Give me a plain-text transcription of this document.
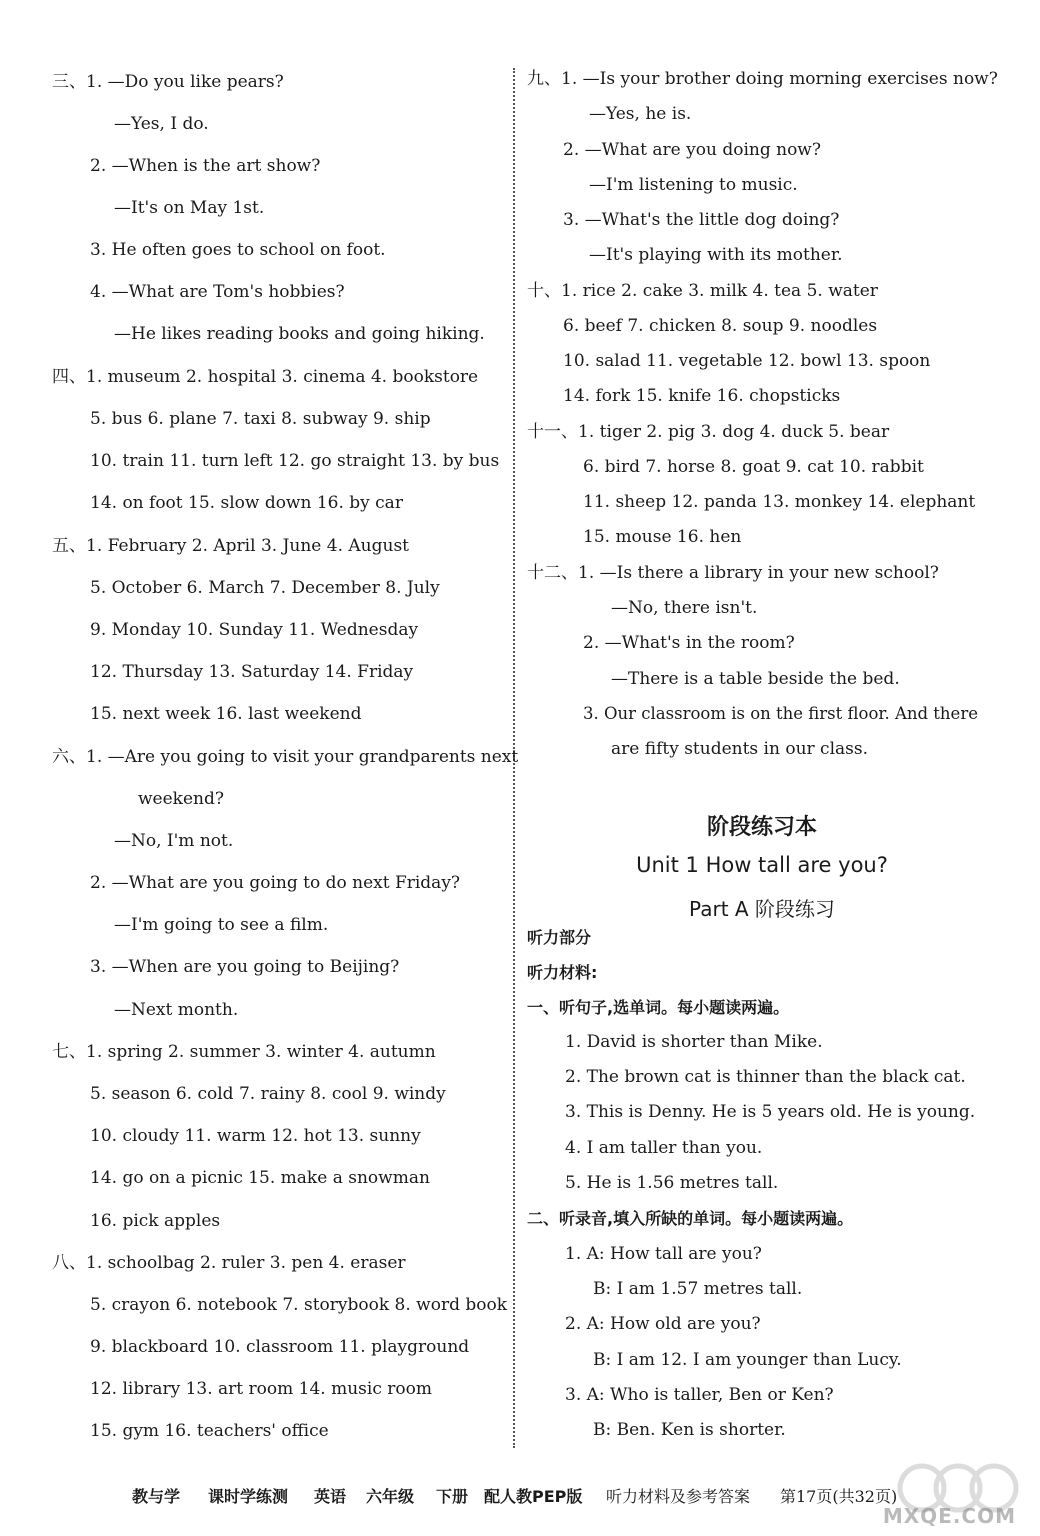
三、1. —Do you like pears?
—Yes, I do.
2. —When is the art show?
—It's on May 1st.
3. He often goes to school on foot.
4. —What are Tom's hobbies?
—He likes reading books and going hiking.
四、1. museum 2. hospital 3. cinema 4. bookstore
5. bus 6. plane 7. taxi 8. subway 9. ship
10. train 11. turn left 12. go straight 13. by bus
14. on foot 15. slow down 16. by car
五、1. February 2. April 3. June 4. August
5. October 6. March 7. December 8. July
9. Monday 10. Sunday 11. Wednesday
12. Thursday 13. Saturday 14. Friday
15. next week 16. last weekend
六、1. —Are you going to visit your grandparents next
weekend?
—No, I'm not.
2. —What are you going to do next Friday?
—I'm going to see a film.
3. —When are you going to Beijing?
—Next month.
七、1. spring 2. summer 3. winter 4. autumn
5. season 6. cold 7. rainy 8. cool 9. windy
10. cloudy 11. warm 12. hot 13. sunny
14. go on a picnic 15. make a snowman
16. pick apples
八、1. schoolbag 2. ruler 3. pen 4. eraser
5. crayon 6. notebook 7. storybook 8. word book
9. blackboard 10. classroom 11. playground
12. library 13. art room 14. music room
15. gym 16. teachers' office
九、1. —Is your brother doing morning exercises now?
—Yes, he is.
2. —What are you doing now?
—I'm listening to music.
3. —What's the little dog doing?
—It's playing with its mother.
十、1. rice 2. cake 3. milk 4. tea 5. water
6. beef 7. chicken 8. soup 9. noodles
10. salad 11. vegetable 12. bowl 13. spoon
14. fork 15. knife 16. chopsticks
十一、1. tiger 2. pig 3. dog 4. duck 5. bear
6. bird 7. horse 8. goat 9. cat 10. rabbit
11. sheep 12. panda 13. monkey 14. elephant
15. mouse 16. hen
十二、1. —Is there a library in your new school?
—No, there isn't.
2. —What's in the room?
—There is a table beside the bed.
3. Our classroom is on the first floor. And there
are fifty students in our class.
阶段练习本
Unit 1 How tall are you?
Part A 阶段练习
听力部分
听力材料:
一、听句子,选单词。每小题读两遍。
1. David is shorter than Mike.
2. The brown cat is thinner than the black cat.
3. This is Denny. He is 5 years old. He is young.
4. I am taller than you.
5. He is 1.56 metres tall.
二、听录音,填入所缺的单词。每小题读两遍。
1. A: How tall are you?
B: I am 1.57 metres tall.
2. A: How old are you?
B: I am 12. I am younger than Lucy.
3. A: Who is taller, Ben or Ken?
B: Ben. Ken is shorter.
教与学 课时学练测 英语 六年级 下册 配人教PEP版 听力材料及参考答案 第17页(共32页)
MXQE.COM
